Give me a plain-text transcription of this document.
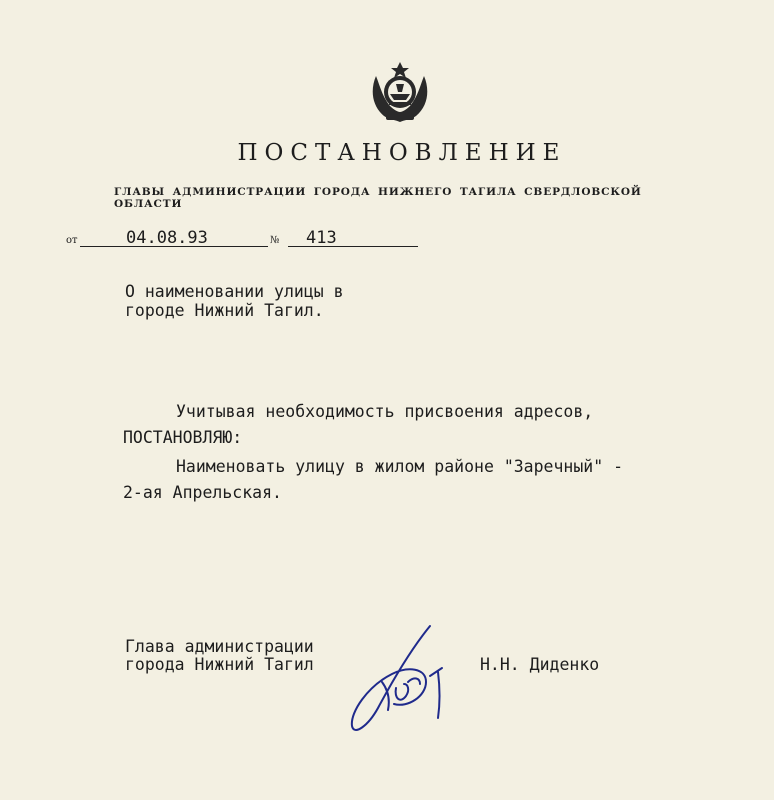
ПОСТАНОВЛЕНИЕ
ГЛАВЫ АДМИНИСТРАЦИИ ГОРОДА НИЖНЕГО ТАГИЛА СВЕРДЛОВСКОЙ ОБЛАСТИ
от	04.08.93	№ 413
О наименовании улицы в
городе Нижний Тагил.
Учитывая необходимость присвоения адресов,
ПОСТАНОВЛЯЮ:
Наименовать улицу в жилом районе "Заречный" -
2-ая Апрельская.
Глава администрации
города Нижний Тагил	Н.Н. Диденко
